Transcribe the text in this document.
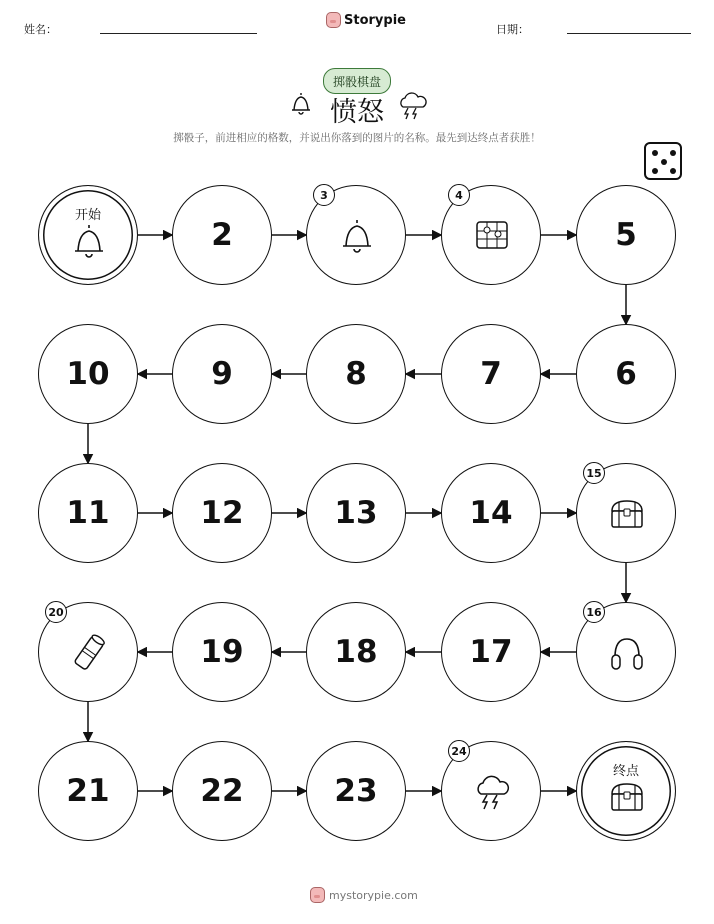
姓名：
Storypie
日期：
掷骰棋盘
愤怒
掷骰子，前进相应的格数，并说出你落到的图片的名称。最先到达终点者获胜！
开始
2
3	4
5
6
7
8
9
10
11	12	13	14
15
16
17
18
19
20
21	22	23
24
终点
mystorypie.com
